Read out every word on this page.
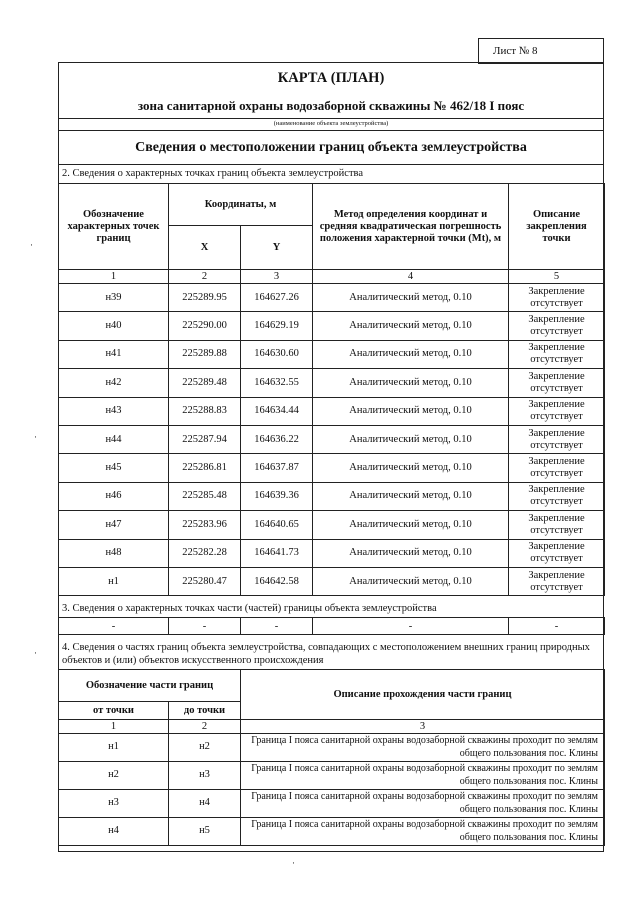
Лист № 8
КАРТА (ПЛАН)
зона санитарной охраны водозаборной скважины № 462/18 I пояс
(наименование объекта землеустройства)
Сведения о местоположении границ объекта землеустройства
2. Сведения о характерных точках границ объекта землеустройства
Обозначение характерных точек границ	Координаты, м		Метод определения координат и средняя квадратическая погрешность положения характерной точки (Mt), м	Описание закрепления точки
	X	Y		
1	2	3	4	5
н39	225289.95	164627.26	Аналитический метод, 0.10	Закрепление отсутствует
н40	225290.00	164629.19	Аналитический метод, 0.10	Закрепление отсутствует
н41	225289.88	164630.60	Аналитический метод, 0.10	Закрепление отсутствует
н42	225289.48	164632.55	Аналитический метод, 0.10	Закрепление отсутствует
н43	225288.83	164634.44	Аналитический метод, 0.10	Закрепление отсутствует
н44	225287.94	164636.22	Аналитический метод, 0.10	Закрепление отсутствует
н45	225286.81	164637.87	Аналитический метод, 0.10	Закрепление отсутствует
н46	225285.48	164639.36	Аналитический метод, 0.10	Закрепление отсутствует
н47	225283.96	164640.65	Аналитический метод, 0.10	Закрепление отсутствует
н48	225282.28	164641.73	Аналитический метод, 0.10	Закрепление отсутствует
н1	225280.47	164642.58	Аналитический метод, 0.10	Закрепление отсутствует
3. Сведения о характерных точках части (частей) границы объекта землеустройства
-	-	-	-	-
4. Сведения о частях границ объекта землеустройства, совпадающих с местоположением внешних границ природных объектов и (или) объектов искусственного происхождения
Обозначение части границ		Описание прохождения части границ
от точки	до точки	
1	2	3
н1	н2	Граница I пояса санитарной охраны водозаборной скважины проходит по землям общего пользования пос. Клины
н2	н3	Граница I пояса санитарной охраны водозаборной скважины проходит по землям общего пользования пос. Клины
н3	н4	Граница I пояса санитарной охраны водозаборной скважины проходит по землям общего пользования пос. Клины
н4	н5	Граница I пояса санитарной охраны водозаборной скважины проходит по землям общего пользования пос. Клины
·
·
·
·
